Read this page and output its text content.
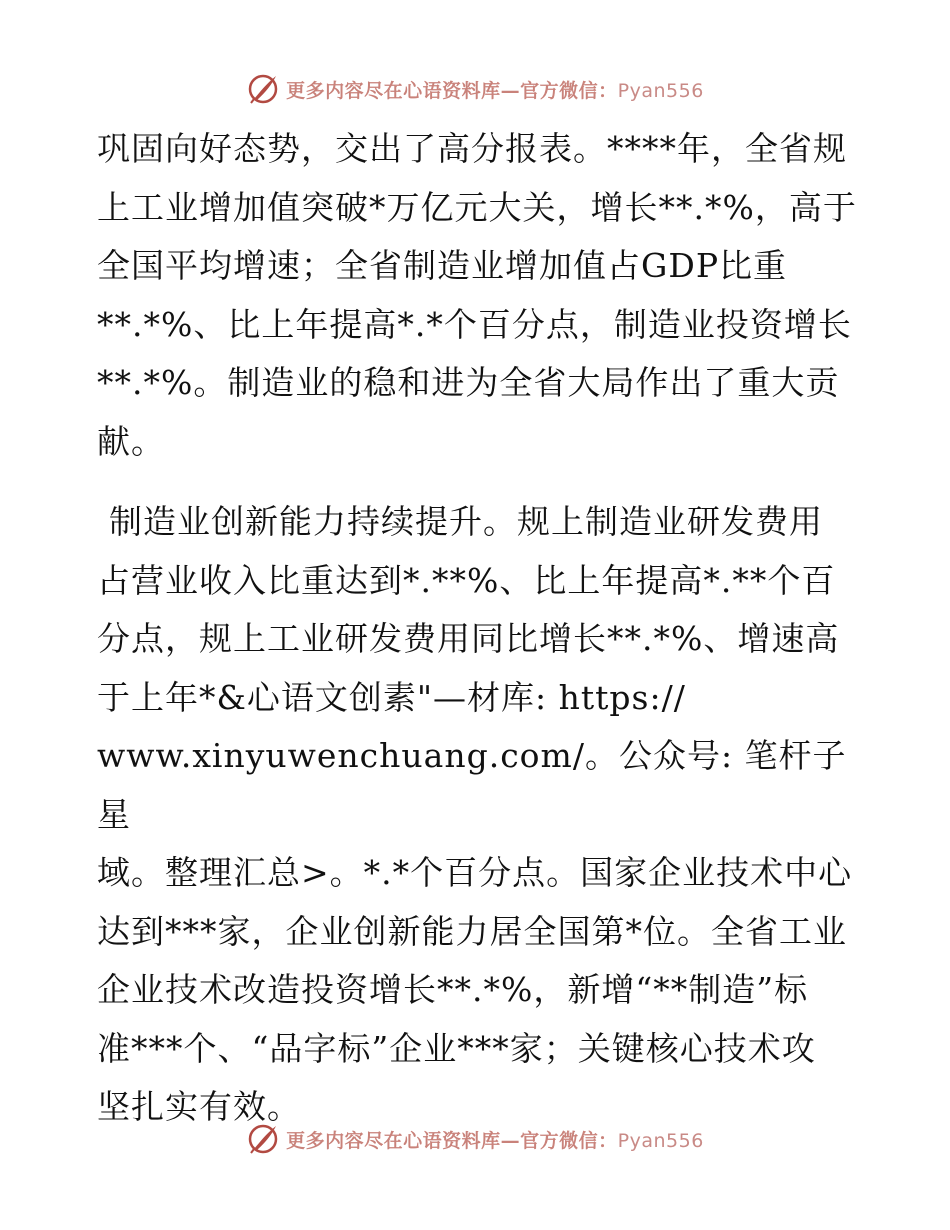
更多内容尽在心语资料库—官方微信：Pyan556

巩固向好态势，交出了高分报表。****年，全省规
上工业增加值突破*万亿元大关，增长**.*%，高于
全国平均增速；全省制造业增加值占GDP比重
**.*%、比上年提高*.*个百分点，制造业投资增长
**.*%。制造业的稳和进为全省大局作出了重大贡
献。

制造业创新能力持续提升。规上制造业研发费用
占营业收入比重达到*.**%、比上年提高*.**个百
分点，规上工业研发费用同比增长**.*%、增速高
于上年*&心语文创素"—材库: https://
www.xinyuwenchuang.com/。公众号: 笔杆子星
域。整理汇总>。*.*个百分点。国家企业技术中心
达到***家，企业创新能力居全国第*位。全省工业
企业技术改造投资增长**.*%，新增“**制造”标
准***个、“品字标”企业***家；关键核心技术攻
坚扎实有效。

更多内容尽在心语资料库—官方微信：Pyan556
